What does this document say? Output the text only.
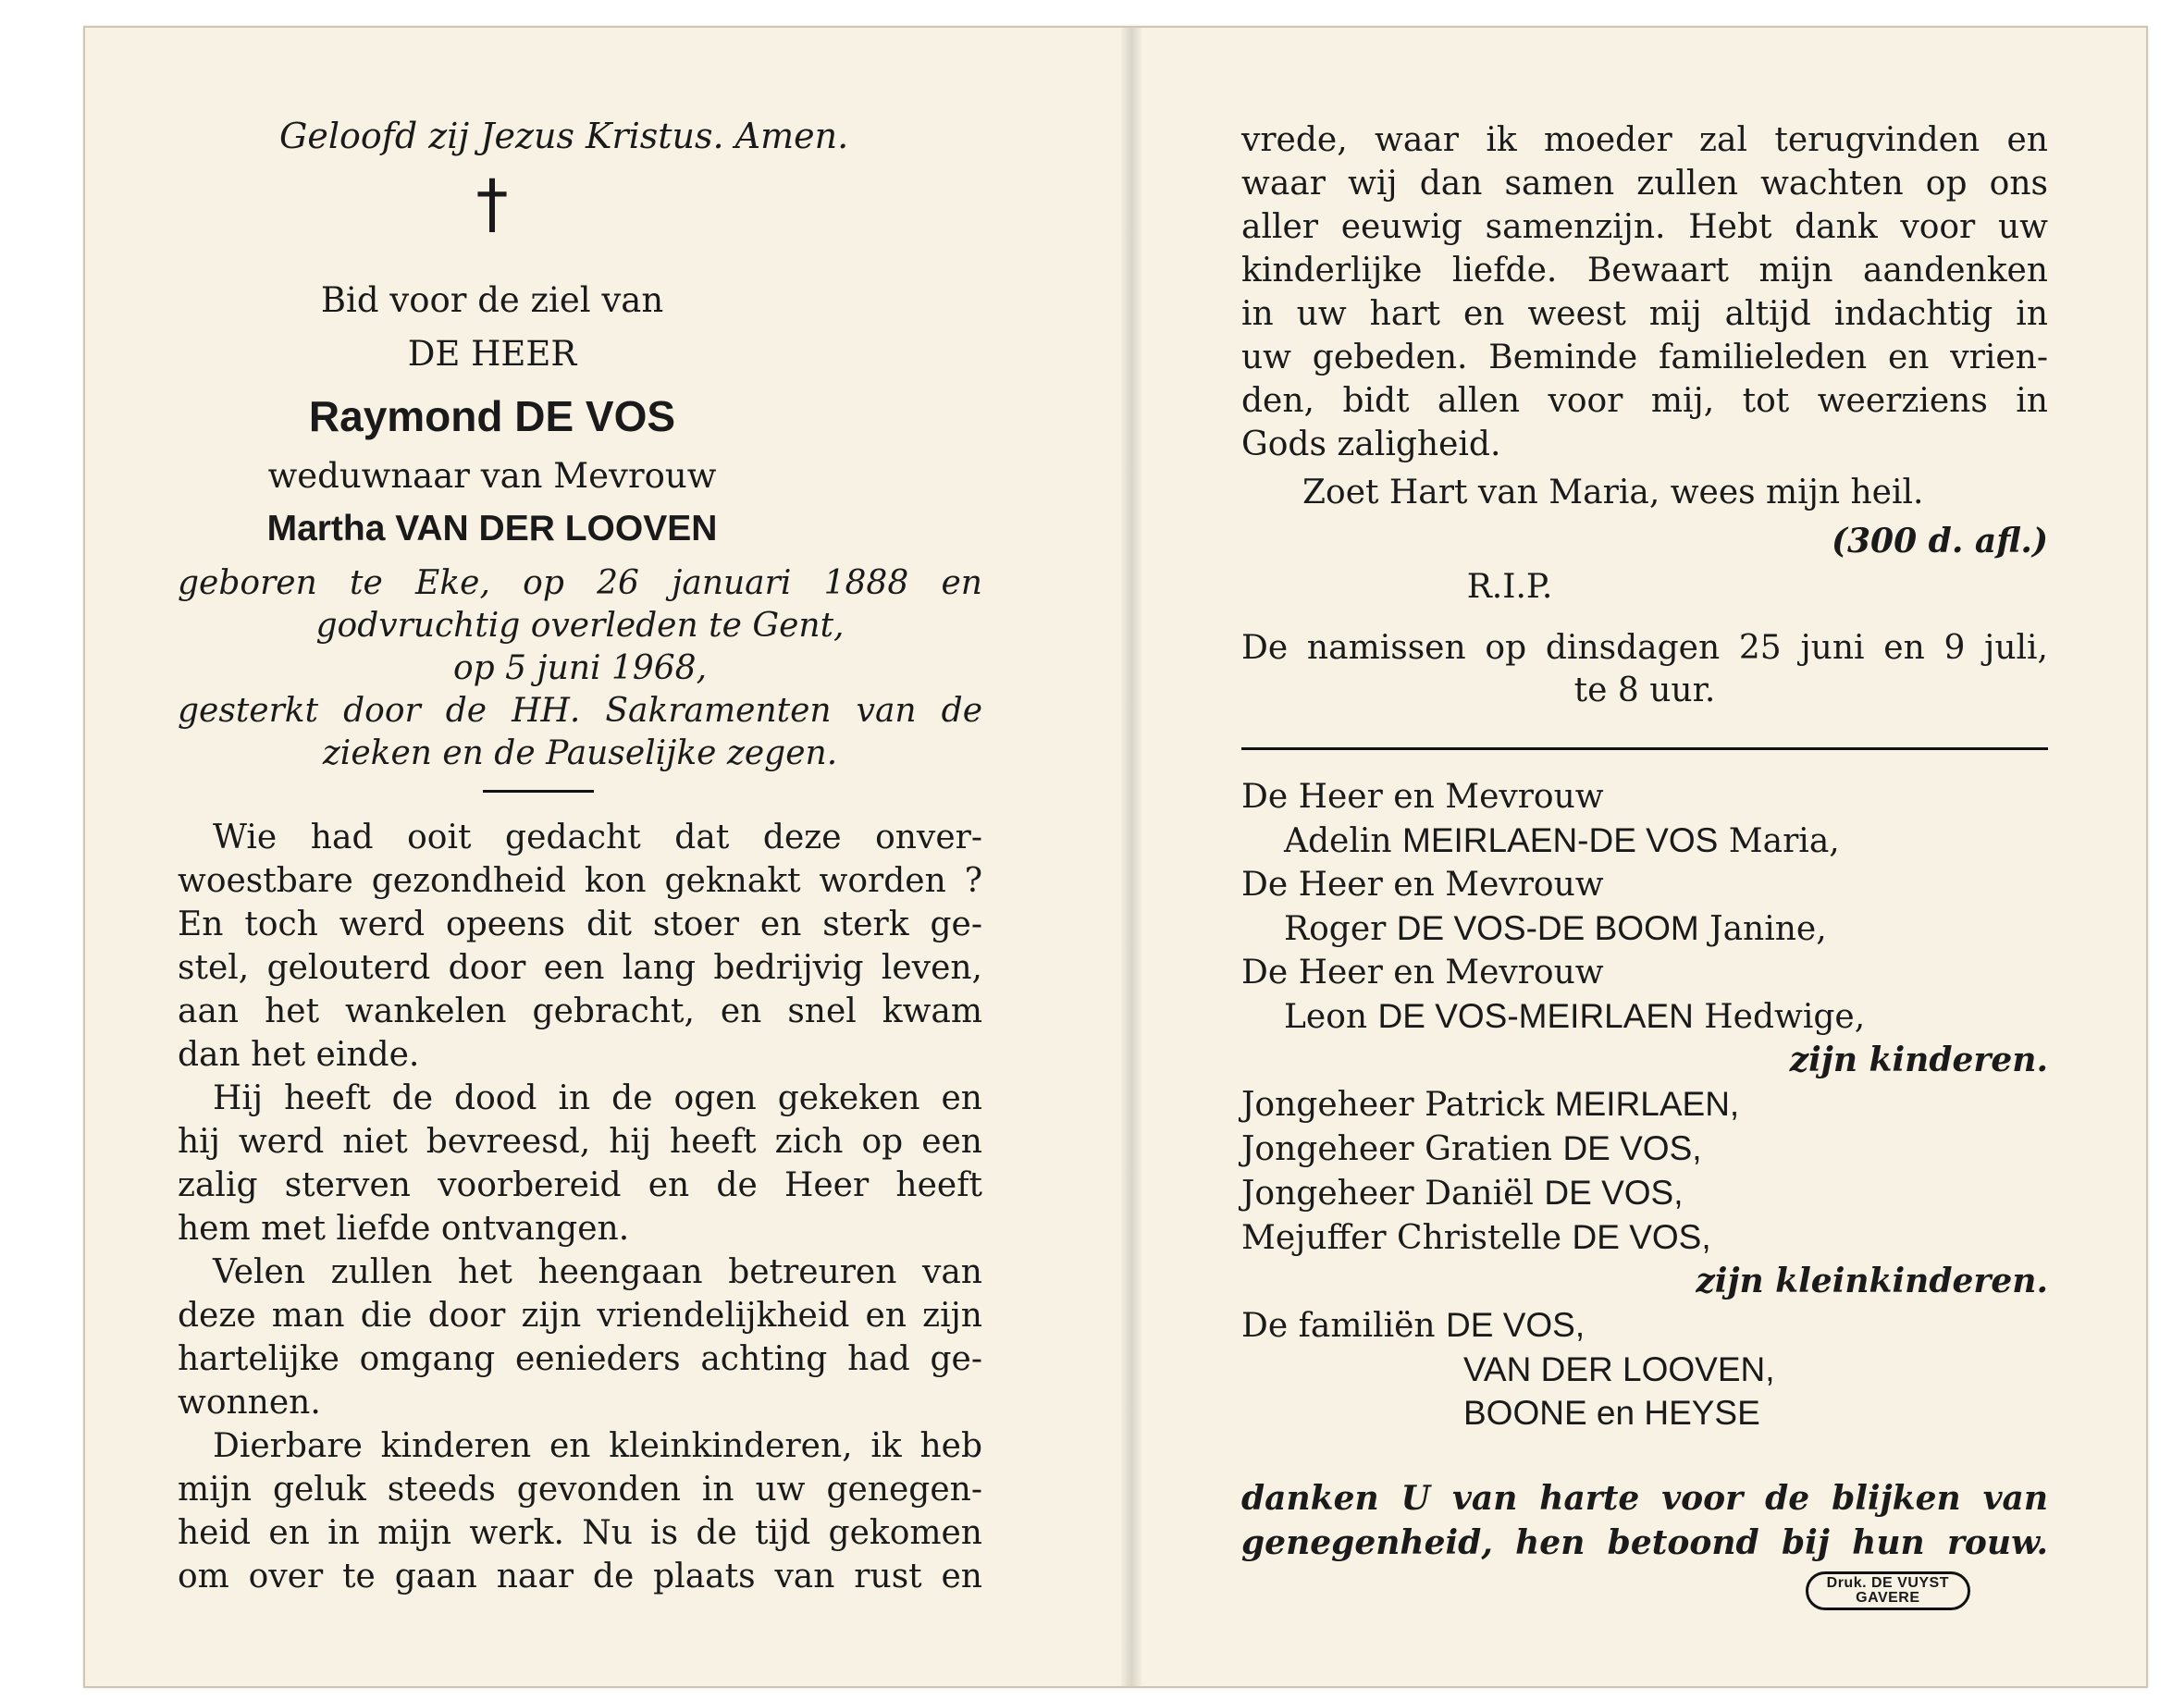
Geloofd zij Jezus Kristus. Amen.

†

Bid voor de ziel van

DE HEER

Raymond DE VOS

weduwnaar van Mevrouw

Martha VAN DER LOOVEN

geboren te Eke, op 26 januari 1888 en

godvruchtig overleden te Gent,

op 5 juni 1968,

gesterkt door de HH. Sakramenten van de

zieken en de Pauselijke zegen.

Wie had ooit gedacht dat deze onver-

woestbare gezondheid kon geknakt worden ?

En toch werd opeens dit stoer en sterk ge-

stel, gelouterd door een lang bedrijvig leven,

aan het wankelen gebracht, en snel kwam

dan het einde.

Hij heeft de dood in de ogen gekeken en

hij werd niet bevreesd, hij heeft zich op een

zalig sterven voorbereid en de Heer heeft

hem met liefde ontvangen.

Velen zullen het heengaan betreuren van

deze man die door zijn vriendelijkheid en zijn

hartelijke omgang eenieders achting had ge-

wonnen.

Dierbare kinderen en kleinkinderen, ik heb

mijn geluk steeds gevonden in uw genegen-

heid en in mijn werk. Nu is de tijd gekomen

om over te gaan naar de plaats van rust en

vrede, waar ik moeder zal terugvinden en

waar wij dan samen zullen wachten op ons

aller eeuwig samenzijn. Hebt dank voor uw

kinderlijke liefde. Bewaart mijn aandenken

in uw hart en weest mij altijd indachtig in

uw gebeden. Beminde familieleden en vrien-

den, bidt allen voor mij, tot weerziens in

Gods zaligheid.

Zoet Hart van Maria, wees mijn heil.

(300 d. afl.)

R.I.P.

De namissen op dinsdagen 25 juni en 9 juli,

te 8 uur.

De Heer en Mevrouw

Adelin MEIRLAEN-DE VOS Maria,

De Heer en Mevrouw

Roger DE VOS-DE BOOM Janine,

De Heer en Mevrouw

Leon DE VOS-MEIRLAEN Hedwige,

zijn kinderen.

Jongeheer Patrick MEIRLAEN,

Jongeheer Gratien DE VOS,

Jongeheer Daniël DE VOS,

Mejuffer Christelle DE VOS,

zijn kleinkinderen.

De familiën DE VOS,

VAN DER LOOVEN,

BOONE en HEYSE

danken U van harte voor de blijken van

genegenheid, hen betoond bij hun rouw.

Druk. DE VUYST
GAVERE
